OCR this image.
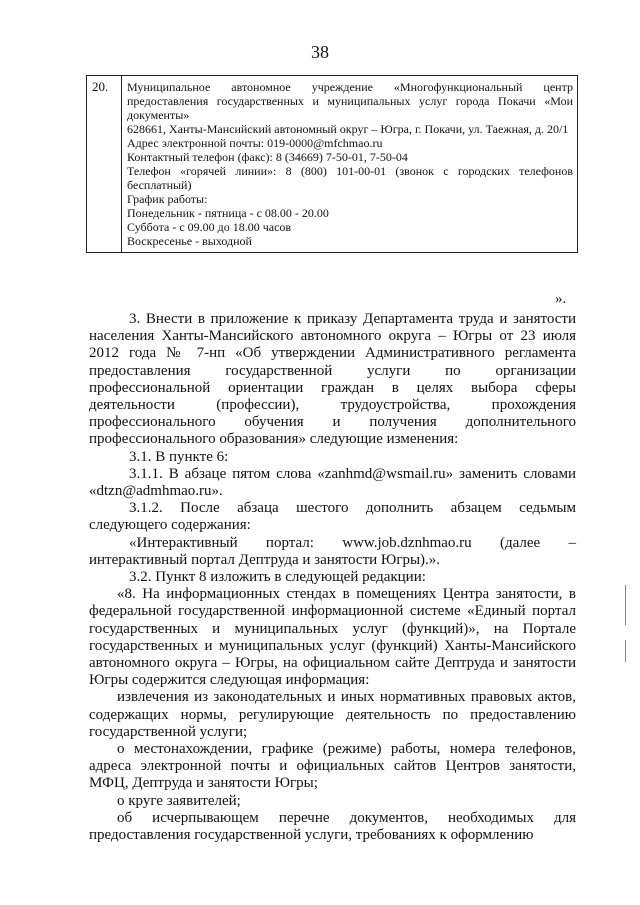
38
20.	Муниципальное автономное учреждение «Многофункциональный центр предоставления государственных и муниципальных услуг города Покачи «Мои документы»
628661, Ханты-Мансийский автономный округ – Югра, г. Покачи, ул. Таежная, д. 20/1
Адрес электронной почты: 019-0000@mfchmao.ru
Контактный телефон (факс): 8 (34669) 7-50-01, 7-50-04
Телефон «горячей линии»: 8 (800) 101-00-01 (звонок с городских телефонов бесплатный)
График работы:
Понедельник - пятница - с 08.00 - 20.00
Суббота - с 09.00 до 18.00 часов
Воскресенье - выходной
».

3. Внести в приложение к приказу Департамента труда и занятости населения Ханты-Мансийского автономного округа – Югры от 23 июля 2012 года № 7-нп «Об утверждении Административного регламента предоставления государственной услуги по организации профессиональной ориентации граждан в целях выбора сферы деятельности (профессии), трудоустройства, прохождения профессионального обучения и получения дополнительного профессионального образования» следующие изменения:

3.1. В пункте 6:

3.1.1. В абзаце пятом слова «zanhmd@wsmail.ru» заменить словами «dtzn@admhmao.ru».

3.1.2. После абзаца шестого дополнить абзацем седьмым следующего содержания:

«Интерактивный портал: www.job.dznhmao.ru (далее – интерактивный портал Дептруда и занятости Югры).».

3.2. Пункт 8 изложить в следующей редакции:

«8. На информационных стендах в помещениях Центра занятости, в федеральной государственной информационной системе «Единый портал государственных и муниципальных услуг (функций)», на Портале государственных и муниципальных услуг (функций) Ханты-Мансийского автономного округа – Югры, на официальном сайте Дептруда и занятости Югры содержится следующая информация:

извлечения из законодательных и иных нормативных правовых актов, содержащих нормы, регулирующие деятельность по предоставлению государственной услуги;

о местонахождении, графике (режиме) работы, номера телефонов, адреса электронной почты и официальных сайтов Центров занятости, МФЦ, Дептруда и занятости Югры;

о круге заявителей;

об исчерпывающем перечне документов, необходимых для предоставления государственной услуги, требованиях к оформлению
